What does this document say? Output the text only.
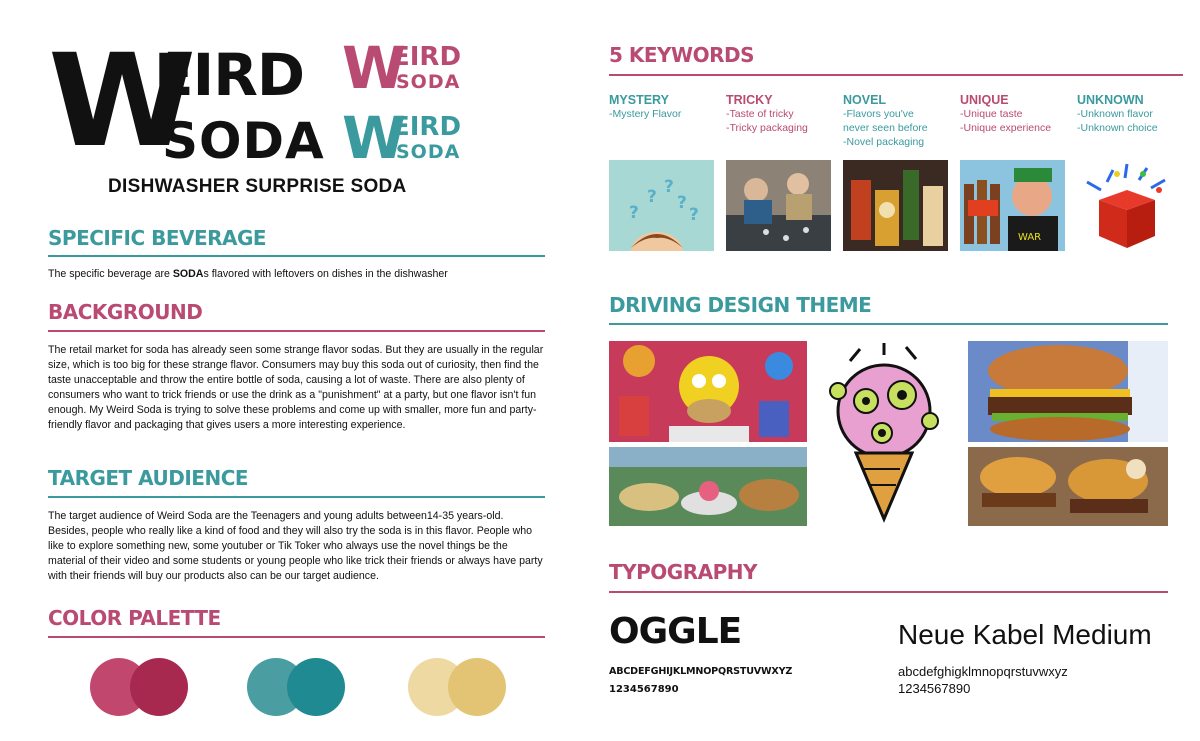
W
EIRD
SODA
W
EIRD
SODA
W
EIRD
SODA
DISHWASHER SURPRISE SODA
SPECIFIC BEVERAGE
The specific beverage are SODAs flavored with leftovers on dishes in the dishwasher
BACKGROUND
The retail market for soda has already seen some strange flavor sodas. But they are usually in the regular size, which is too big for these strange flavor. Consumers may buy this soda out of curiosity, then find the taste unacceptable and throw the entire bottle of soda, causing a lot of waste. There are also plenty of consumers who want to trick friends or use the drink as a "punishment" at a party, but one flavor isn't fun enough. My Weird Soda is trying to solve these problems and come up with smaller, more fun and party-friendly flavor and packaging that gives users a more interesting experience.
TARGET AUDIENCE
The target audience of Weird Soda are the Teenagers and young adults between14-35 years-old. Besides, people who really like a kind of food and they will also try the soda is in this flavor. People who like to explore something new, some youtuber or Tik Toker who always use the novel things be the material of their video and some students or young people who like trick their friends or always have party with their friends will buy our products also can be our target audience.
COLOR PALETTE
5 KEYWORDS
MYSTERY
-Mystery Flavor
TRICKY
-Taste of tricky
-Tricky packaging
NOVEL
-Flavors you've
never seen before
-Novel packaging
UNIQUE
-Unique taste
-Unique experience
UNKNOWN
-Unknown flavor
-Unknown choice
?
? ?
?
?
WAR
DRIVING DESIGN THEME
TYPOGRAPHY
OGGLE
ABCDEFGHIJKLMNOPQRSTUVWXYZ
1234567890
Neue Kabel Medium
abcdefghigklmnopqrstuvwxyz
1234567890
